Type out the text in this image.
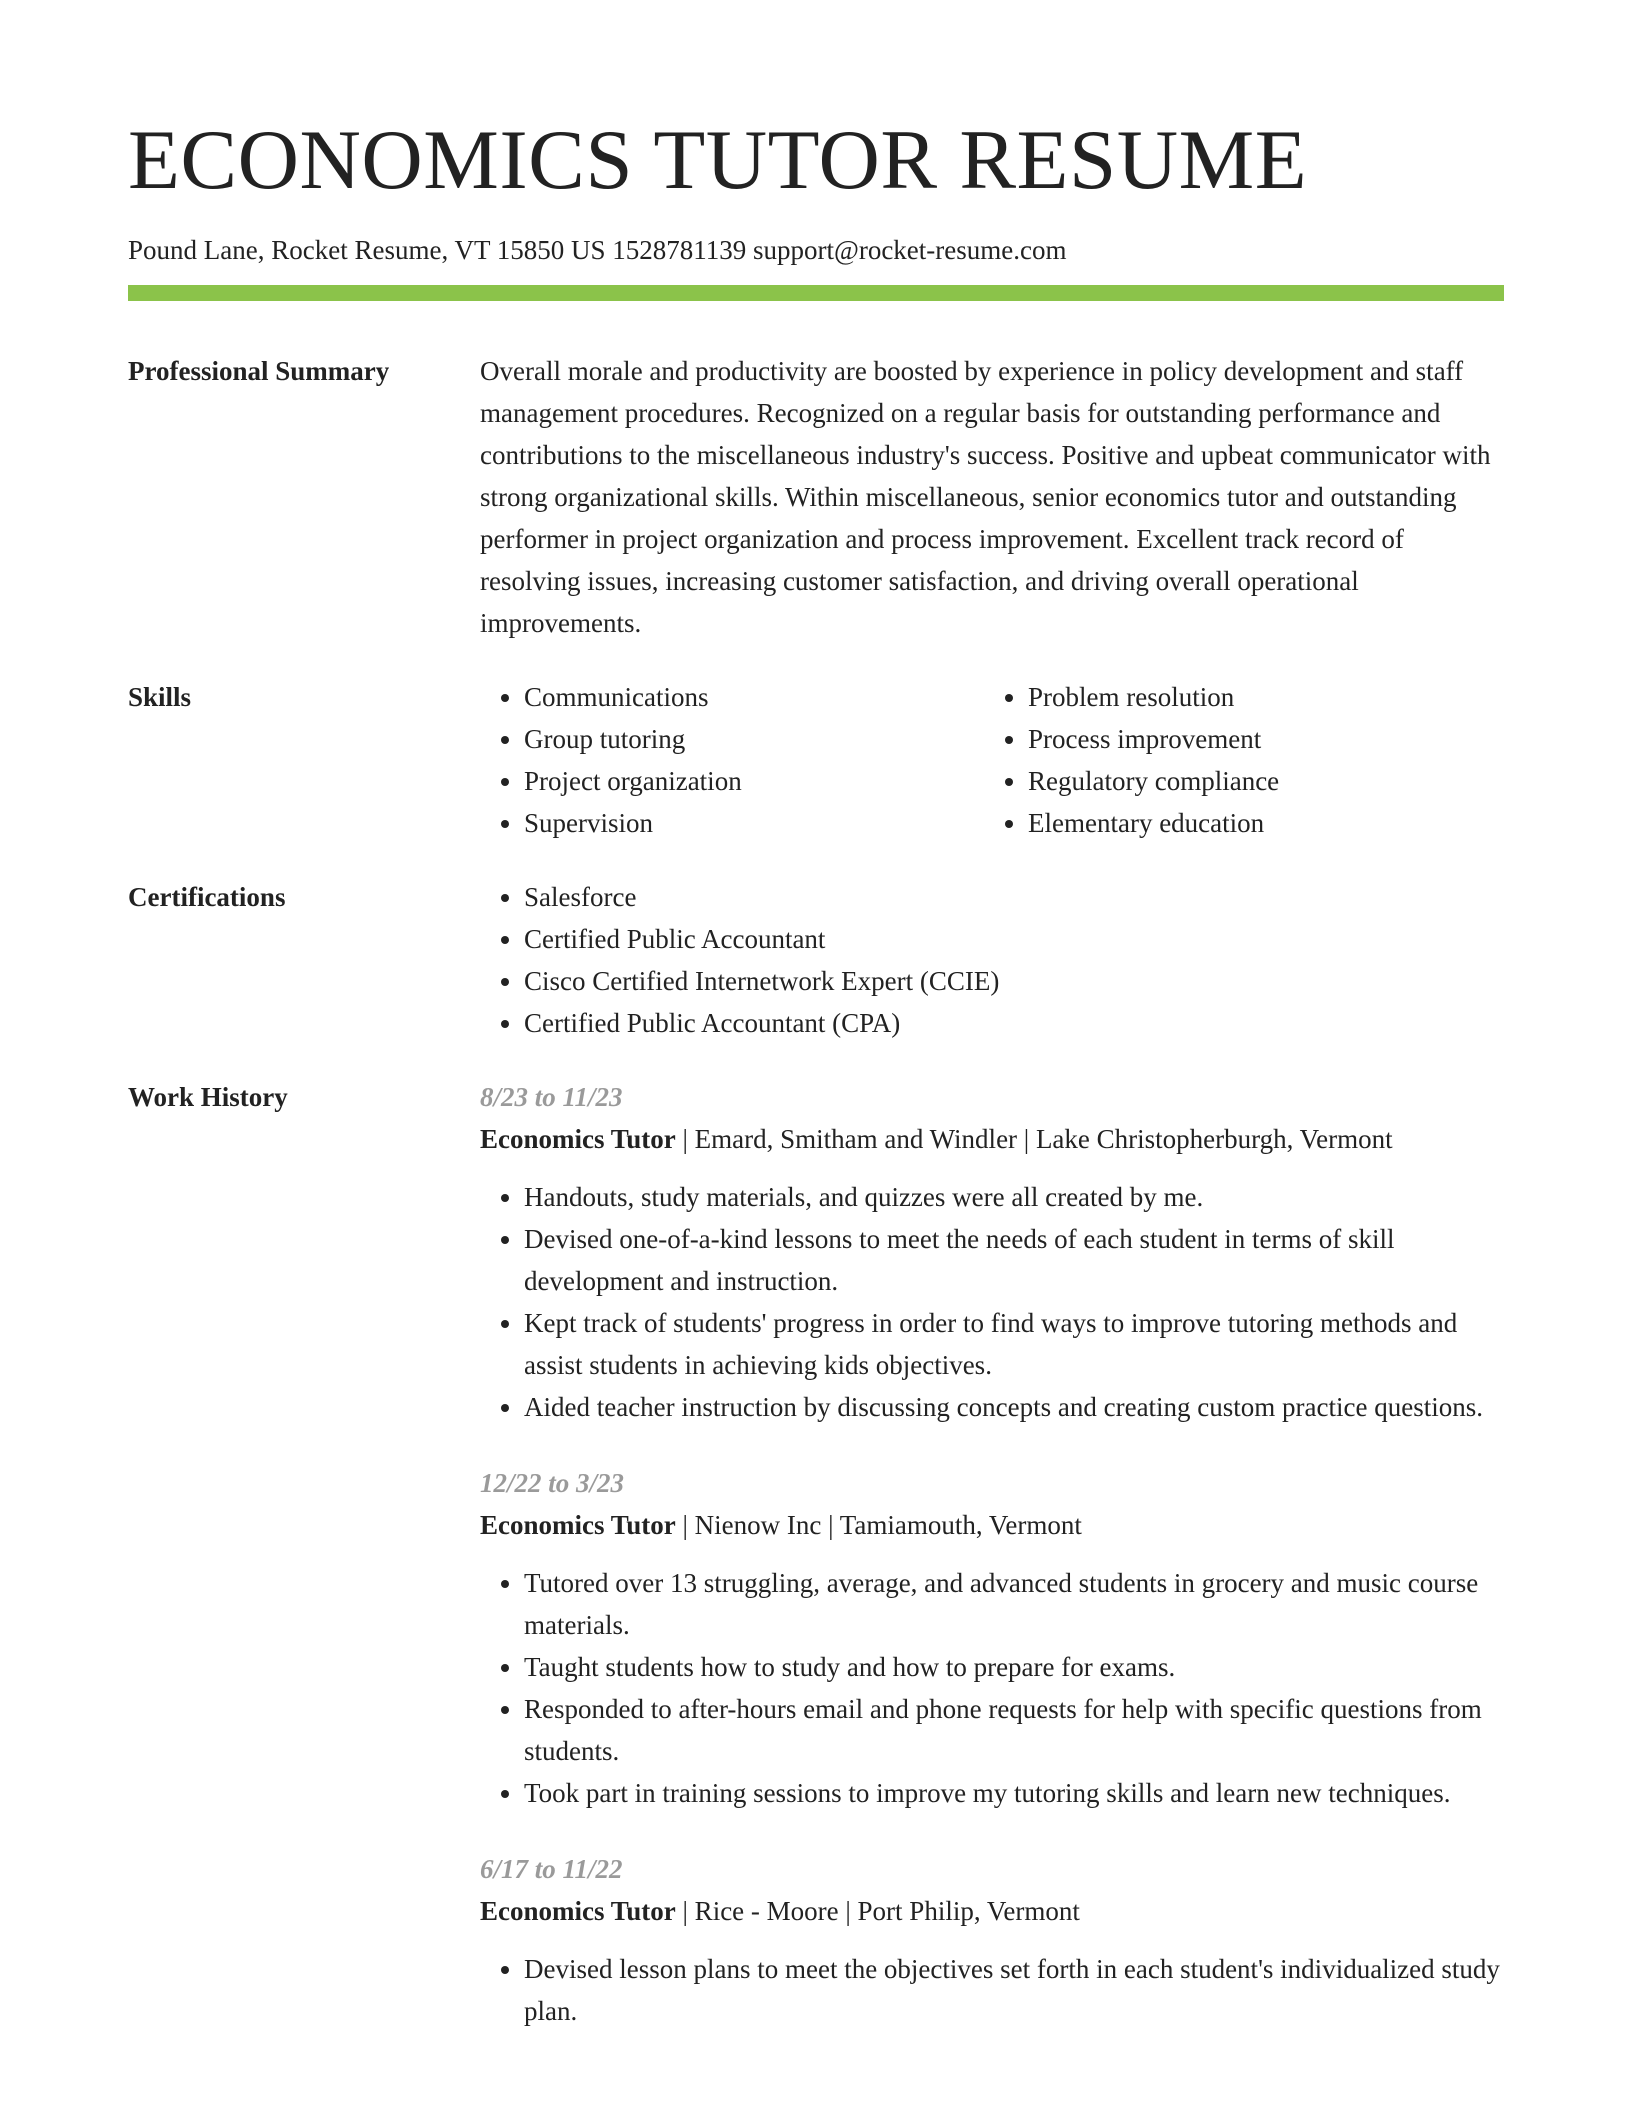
ECONOMICS TUTOR RESUME
Pound Lane, Rocket Resume, VT 15850 US 1528781139 support@rocket-resume.com
Professional Summary	Overall morale and productivity are boosted by experience in policy development and staff management procedures. Recognized on a regular basis for outstanding performance and contributions to the miscellaneous industry's success. Positive and upbeat communicator with strong organizational skills. Within miscellaneous, senior economics tutor and outstanding performer in project organization and process improvement. Excellent track record of resolving issues, increasing customer satisfaction, and driving overall operational improvements.

Skills	• Communications
• Group tutoring
• Project organization
• Supervision
• Problem resolution
• Process improvement
• Regulatory compliance
• Elementary education
Certifications	• Salesforce
• Certified Public Accountant
• Cisco Certified Internetwork Expert (CCIE)
• Certified Public Accountant (CPA)
Work History	8/23 to 11/23
Economics Tutor | Emard, Smitham and Windler | Lake Christopherburgh, Vermont
• Handouts, study materials, and quizzes were all created by me.
• Devised one-of-a-kind lessons to meet the needs of each student in terms of skill development and instruction.
• Kept track of students' progress in order to find ways to improve tutoring methods and assist students in achieving kids objectives.
• Aided teacher instruction by discussing concepts and creating custom practice questions.
12/22 to 3/23
Economics Tutor | Nienow Inc | Tamiamouth, Vermont
• Tutored over 13 struggling, average, and advanced students in grocery and music course materials.
• Taught students how to study and how to prepare for exams.
• Responded to after-hours email and phone requests for help with specific questions from students.
• Took part in training sessions to improve my tutoring skills and learn new techniques.
6/17 to 11/22
Economics Tutor | Rice - Moore | Port Philip, Vermont
• Devised lesson plans to meet the objectives set forth in each student's individualized study plan.
